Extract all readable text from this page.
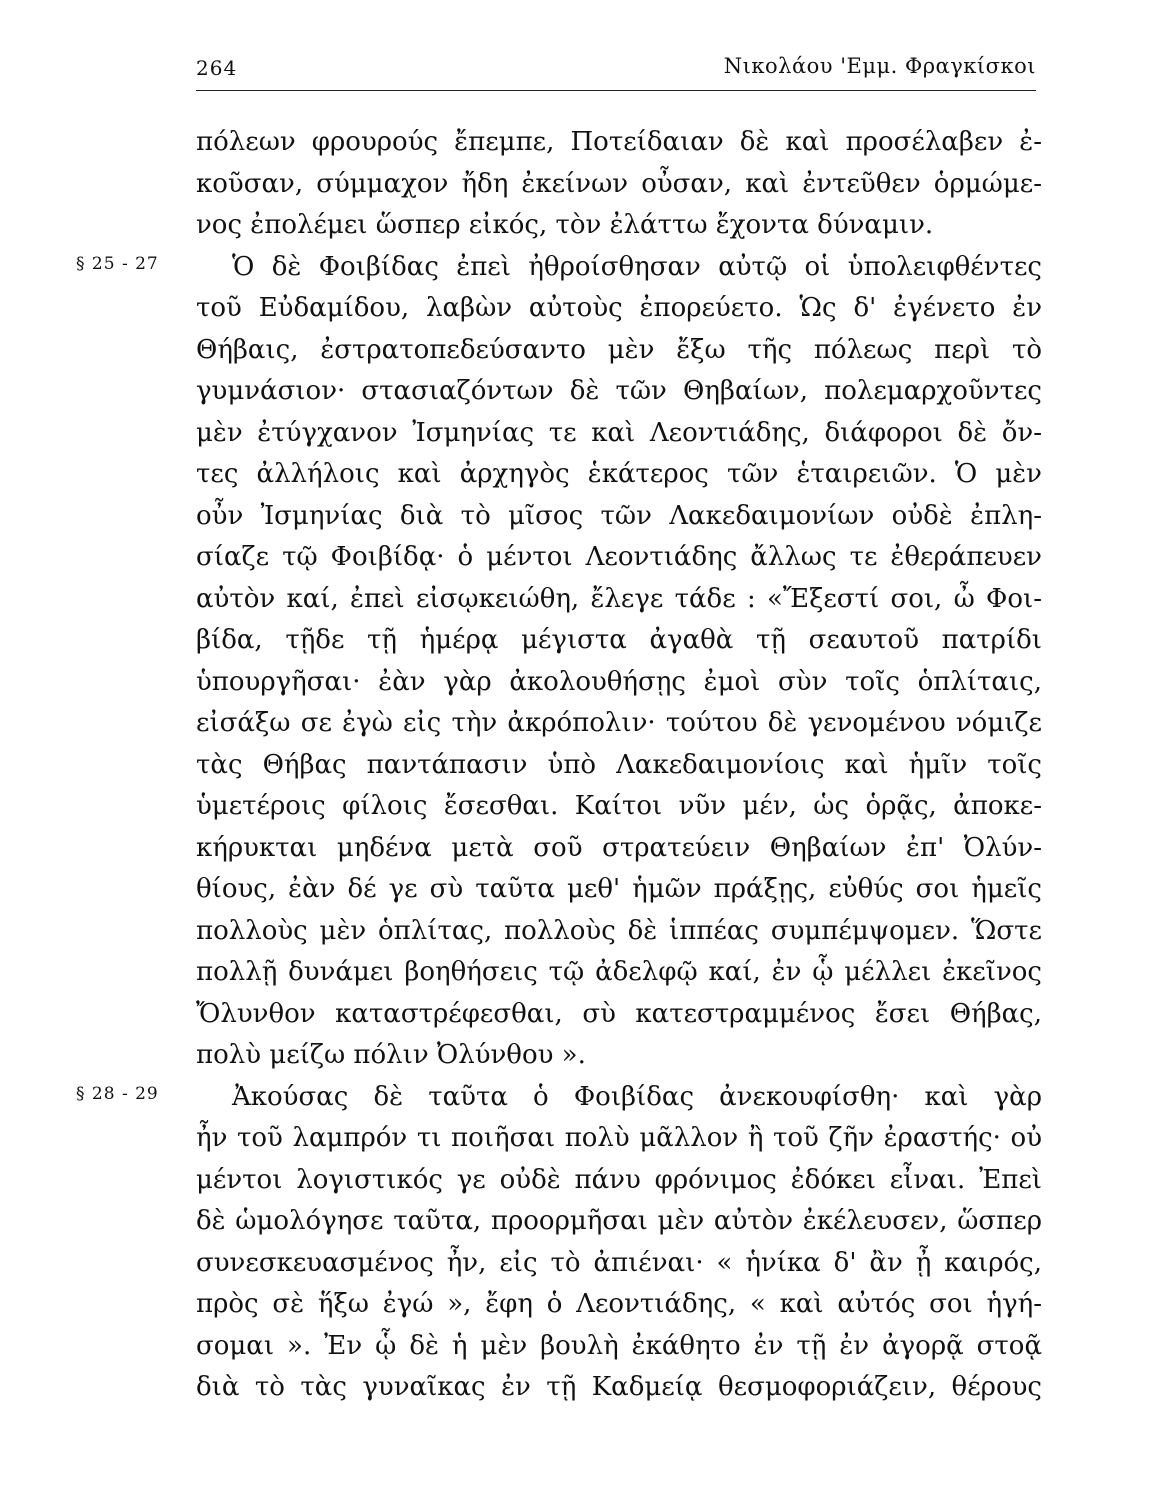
264	Νικολάου 'Εμμ. Φραγκίσκοι
§ 25 - 27
§ 28 - 29
πόλεων φρουρούς ἔπεμπε, Ποτείδαιαν δὲ καὶ προσέλαβεν ἐ-
κοῦσαν, σύμμαχον ἤδη ἐκείνων οὖσαν, καὶ ἐντεῦθεν ὁρμώμε-
νος ἐπολέμει ὥσπερ εἰκός, τὸν ἐλάττω ἔχοντα δύναμιν.
Ὁ δὲ Φοιβίδας ἐπεὶ ἠθροίσθησαν αὐτῷ οἱ ὑπολειφθέντες
τοῦ Εὐδαμίδου, λαβὼν αὐτοὺς ἐπορεύετο. Ὡς δ' ἐγένετο ἐν
Θήβαις, ἐστρατοπεδεύσαντο μὲν ἔξω τῆς πόλεως περὶ τὸ
γυμνάσιον· στασιαζόντων δὲ τῶν Θηβαίων, πολεμαρχοῦντες
μὲν ἐτύγχανον Ἰσμηνίας τε καὶ Λεοντιάδης, διάφοροι δὲ ὄν-
τες ἀλλήλοις καὶ ἀρχηγὸς ἑκάτερος τῶν ἑταιρειῶν. Ὁ μὲν
οὖν Ἰσμηνίας διὰ τὸ μῖσος τῶν Λακεδαιμονίων οὐδὲ ἐπλη-
σίαζε τῷ Φοιβίδᾳ· ὁ μέντοι Λεοντιάδης ἄλλως τε ἐθεράπευεν
αὐτὸν καί, ἐπεὶ εἰσῳκειώθη, ἔλεγε τάδε : «Ἔξεστί σοι, ὦ Φοι-
βίδα, τῇδε τῇ ἡμέρᾳ μέγιστα ἀγαθὰ τῇ σεαυτοῦ πατρίδι
ὑπουργῆσαι· ἐὰν γὰρ ἀκολουθήσῃς ἐμοὶ σὺν τοῖς ὁπλίταις,
εἰσάξω σε ἐγὼ εἰς τὴν ἀκρόπολιν· τούτου δὲ γενομένου νόμιζε
τὰς Θήβας παντάπασιν ὑπὸ Λακεδαιμονίοις καὶ ἡμῖν τοῖς
ὑμετέροις φίλοις ἔσεσθαι. Καίτοι νῦν μέν, ὡς ὁρᾷς, ἀποκε-
κήρυκται μηδένα μετὰ σοῦ στρατεύειν Θηβαίων ἐπ' Ὀλύν-
θίους, ἐὰν δέ γε σὺ ταῦτα μεθ' ἡμῶν πράξῃς, εὐθύς σοι ἡμεῖς
πολλοὺς μὲν ὁπλίτας, πολλοὺς δὲ ἱππέας συμπέμψομεν. Ὥστε
πολλῇ δυνάμει βοηθήσεις τῷ ἀδελφῷ καί, ἐν ᾧ μέλλει ἐκεῖνος
Ὄλυνθον καταστρέφεσθαι, σὺ κατεστραμμένος ἔσει Θήβας,
πολὺ μείζω πόλιν Ὀλύνθου ».
Ἀκούσας δὲ ταῦτα ὁ Φοιβίδας ἀνεκουφίσθη· καὶ γὰρ
ἦν τοῦ λαμπρόν τι ποιῆσαι πολὺ μᾶλλον ἢ τοῦ ζῆν ἐραστής· οὐ
μέντοι λογιστικός γε οὐδὲ πάνυ φρόνιμος ἐδόκει εἶναι. Ἐπεὶ
δὲ ὡμολόγησε ταῦτα, προορμῆσαι μὲν αὐτὸν ἐκέλευσεν, ὥσπερ
συνεσκευασμένος ἦν, εἰς τὸ ἀπιέναι· « ἡνίκα δ' ἂν ᾖ καιρός,
πρὸς σὲ ἥξω ἐγώ », ἔφη ὁ Λεοντιάδης, « καὶ αὐτός σοι ἡγή-
σομαι ». Ἐν ᾧ δὲ ἡ μὲν βουλὴ ἐκάθητο ἐν τῇ ἐν ἀγορᾷ στοᾷ
διὰ τὸ τὰς γυναῖκας ἐν τῇ Καδμείᾳ θεσμοφοριάζειν, θέρους
